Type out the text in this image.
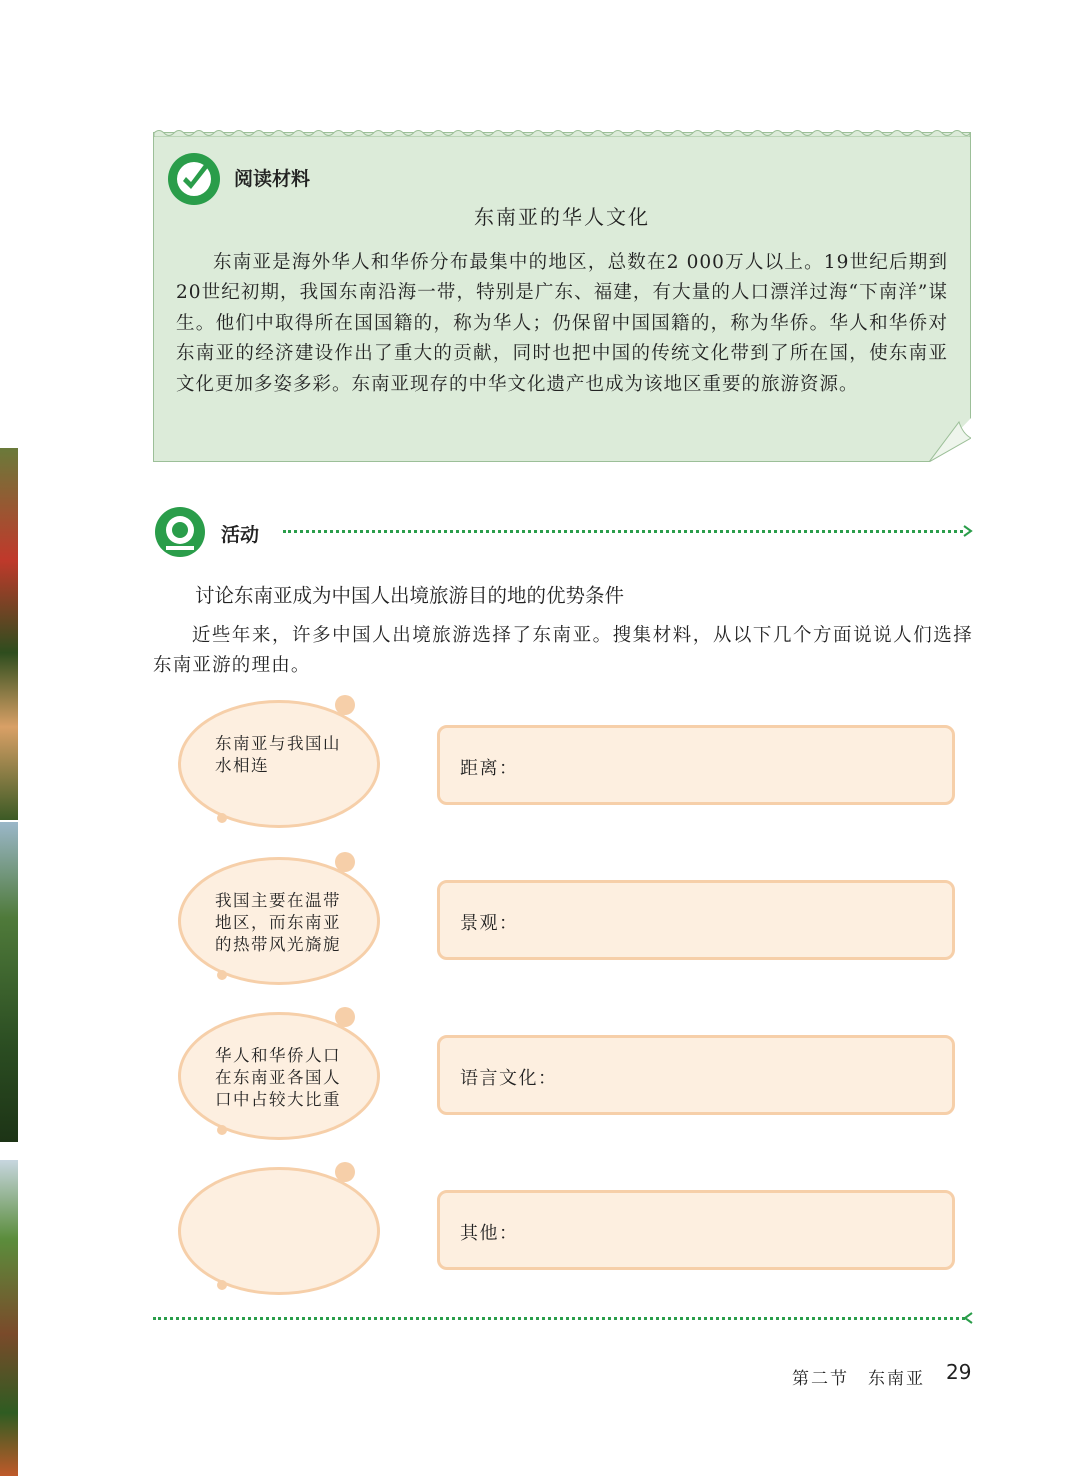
阅读材料
东南亚的华人文化
东南亚是海外华人和华侨分布最集中的地区，总数在2 000万人以上。19世纪后期到20世纪初期，我国东南沿海一带，特别是广东、福建，有大量的人口漂洋过海“下南洋”谋生。他们中取得所在国国籍的，称为华人；仍保留中国国籍的，称为华侨。华人和华侨对东南亚的经济建设作出了重大的贡献，同时也把中国的传统文化带到了所在国，使东南亚文化更加多姿多彩。东南亚现存的中华文化遗产也成为该地区重要的旅游资源。
活动
讨论东南亚成为中国人出境旅游目的地的优势条件
近些年来，许多中国人出境旅游选择了东南亚。搜集材料，从以下几个方面说说人们选择东南亚游的理由。
东南亚与我国山水相连
我国主要在温带地区，而东南亚的热带风光旖旎
华人和华侨人口在东南亚各国人口中占较大比重
距离：
景观：
语言文化：
其他：
第二节　东南亚 29
